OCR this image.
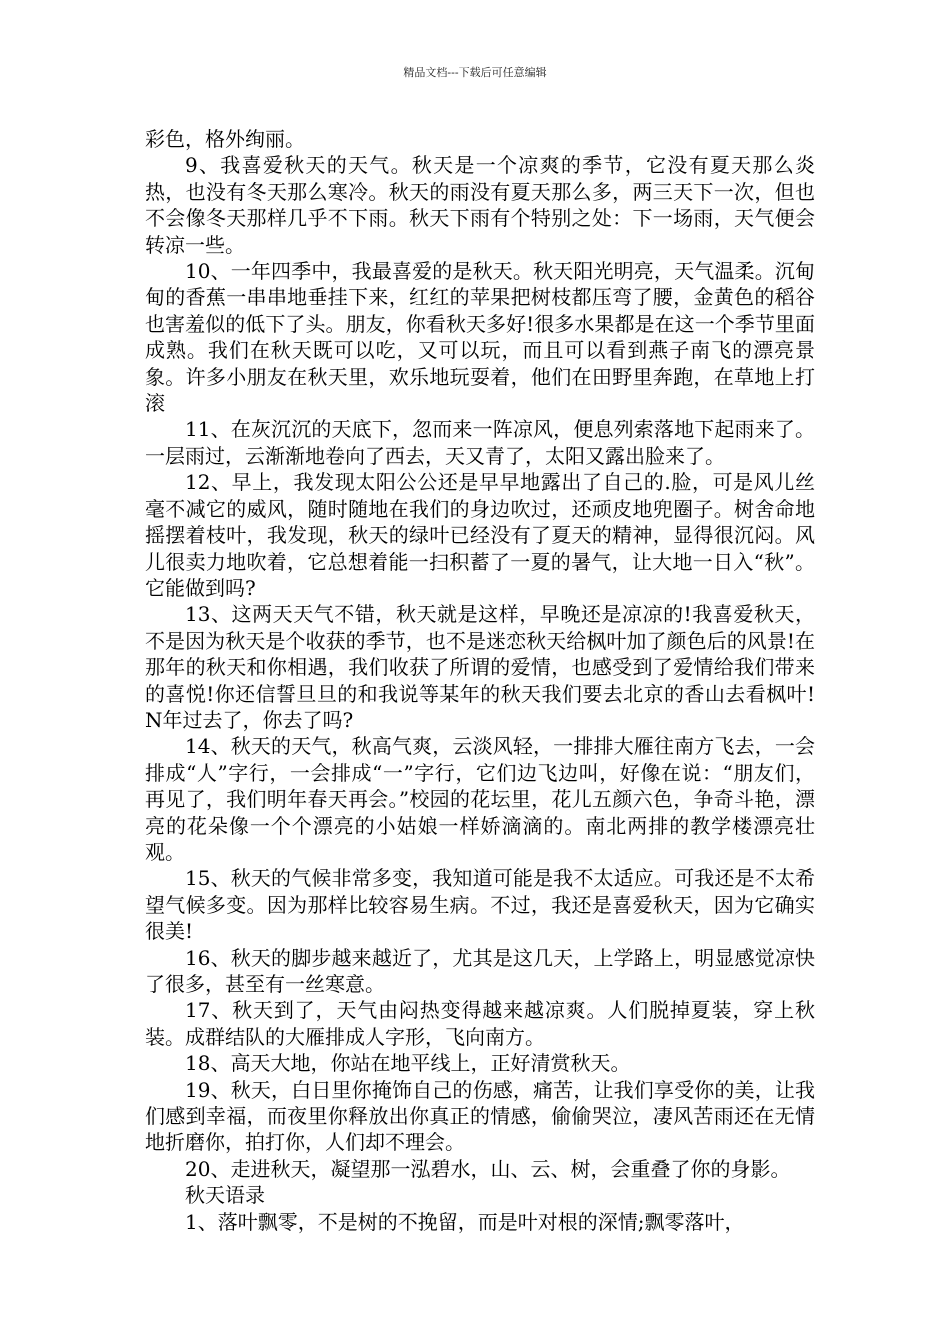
精品文档---下载后可任意编辑

彩色，格外绚丽。

9、我喜爱秋天的天气。秋天是一个凉爽的季节，它没有夏天那么炎热，也没有冬天那么寒冷。秋天的雨没有夏天那么多，两三天下一次，但也不会像冬天那样几乎不下雨。秋天下雨有个特别之处：下一场雨，天气便会转凉一些。

10、一年四季中，我最喜爱的是秋天。秋天阳光明亮，天气温柔。沉甸甸的香蕉一串串地垂挂下来，红红的苹果把树枝都压弯了腰，金黄色的稻谷也害羞似的低下了头。朋友，你看秋天多好!很多水果都是在这一个季节里面成熟。我们在秋天既可以吃，又可以玩，而且可以看到燕子南飞的漂亮景象。许多小朋友在秋天里，欢乐地玩耍着，他们在田野里奔跑，在草地上打滚

11、在灰沉沉的天底下，忽而来一阵凉风，便息列索落地下起雨来了。一层雨过，云渐渐地卷向了西去，天又青了，太阳又露出脸来了。

12、早上，我发现太阳公公还是早早地露出了自己的.脸，可是风儿丝毫不减它的威风，随时随地在我们的身边吹过，还顽皮地兜圈子。树舍命地摇摆着枝叶，我发现，秋天的绿叶已经没有了夏天的精神，显得很沉闷。风儿很卖力地吹着，它总想着能一扫积蓄了一夏的暑气，让大地一日入“秋”。它能做到吗?

13、这两天天气不错，秋天就是这样，早晚还是凉凉的!我喜爱秋天，不是因为秋天是个收获的季节，也不是迷恋秋天给枫叶加了颜色后的风景!在那年的秋天和你相遇，我们收获了所谓的爱情，也感受到了爱情给我们带来的喜悦!你还信誓旦旦的和我说等某年的秋天我们要去北京的香山去看枫叶!N年过去了，你去了吗?

14、秋天的天气，秋高气爽，云淡风轻，一排排大雁往南方飞去，一会排成“人”字行，一会排成“一”字行，它们边飞边叫，好像在说：“朋友们，再见了，我们明年春天再会。”校园的花坛里，花儿五颜六色，争奇斗艳，漂亮的花朵像一个个漂亮的小姑娘一样娇滴滴的。南北两排的教学楼漂亮壮观。

15、秋天的气候非常多变，我知道可能是我不太适应。可我还是不太希望气候多变。因为那样比较容易生病。不过，我还是喜爱秋天，因为它确实很美!

16、秋天的脚步越来越近了，尤其是这几天，上学路上，明显感觉凉快了很多，甚至有一丝寒意。

17、秋天到了，天气由闷热变得越来越凉爽。人们脱掉夏装，穿上秋装。成群结队的大雁排成人字形，飞向南方。

18、高天大地，你站在地平线上，正好清赏秋天。

19、秋天，白日里你掩饰自己的伤感，痛苦，让我们享受你的美，让我们感到幸福，而夜里你释放出你真正的情感，偷偷哭泣，凄风苦雨还在无情地折磨你，拍打你，人们却不理会。

20、走进秋天，凝望那一泓碧水，山、云、树，会重叠了你的身影。

秋天语录

1、落叶飘零，不是树的不挽留，而是叶对根的深情;飘零落叶，
